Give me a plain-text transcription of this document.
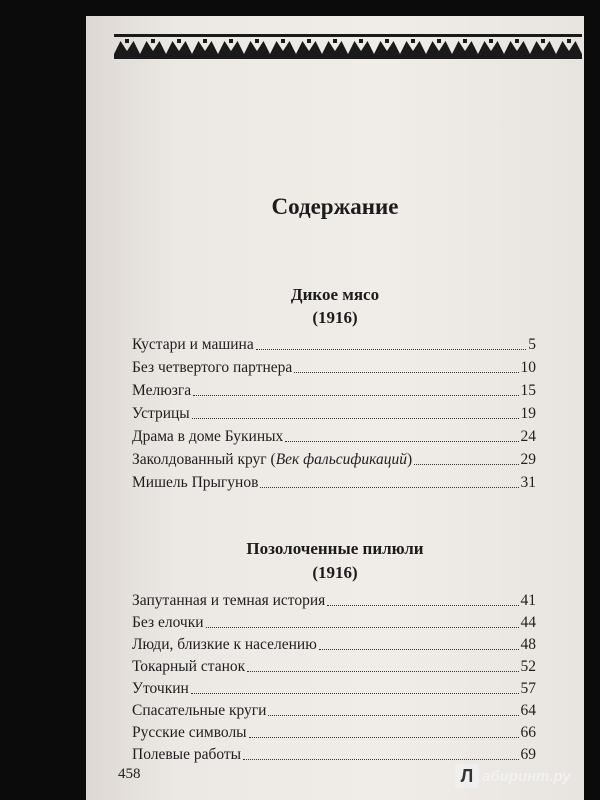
Содержание
Дикое мясо
(1916)
Кустари и машина	5
Без четвертого партнера	10
Мелюзга	15
Устрицы	19
Драма в доме Букиных	24
Заколдованный круг (Век фальсификаций)	29
Мишель Прыгунов	31
Позолоченные пилюли
(1916)
Запутанная и темная история	41
Без елочки	44
Люди, близкие к населению	48
Токарный станок	52
Уточкин	57
Спасательные круги	64
Русские символы	66
Полевые работы	69
458	Л абиринт.ру
